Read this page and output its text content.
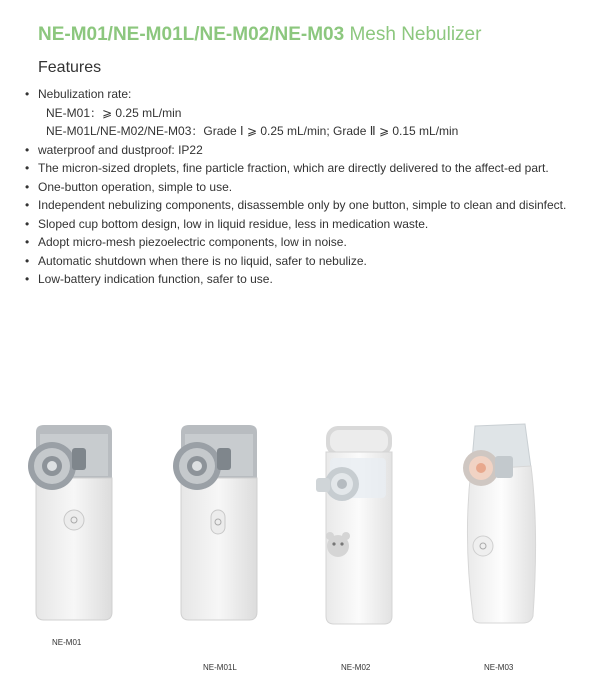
NE-M01/NE-M01L/NE-M02/NE-M03 Mesh Nebulizer
Features
• Nebulization rate:
NE-M01：⩾ 0.25 mL/min
NE-M01L/NE-M02/NE-M03：Grade Ⅰ ⩾ 0.25 mL/min; Grade Ⅱ ⩾ 0.15 mL/min
• waterproof and dustproof: IP22
• The micron-sized droplets, fine particle fraction, which are directly delivered to the affect-ed part.
• One-button operation, simple to use.
• Independent nebulizing components, disassemble only by one button, simple to clean and disinfect.
• Sloped cup bottom design, low in liquid residue, less in medication waste.
• Adopt micro-mesh piezoelectric components, low in noise.
• Automatic shutdown when there is no liquid, safer to nebulize.
• Low-battery indication function, safer to use.
NE-M01
NE-M01L	NE-M02	NE-M03
